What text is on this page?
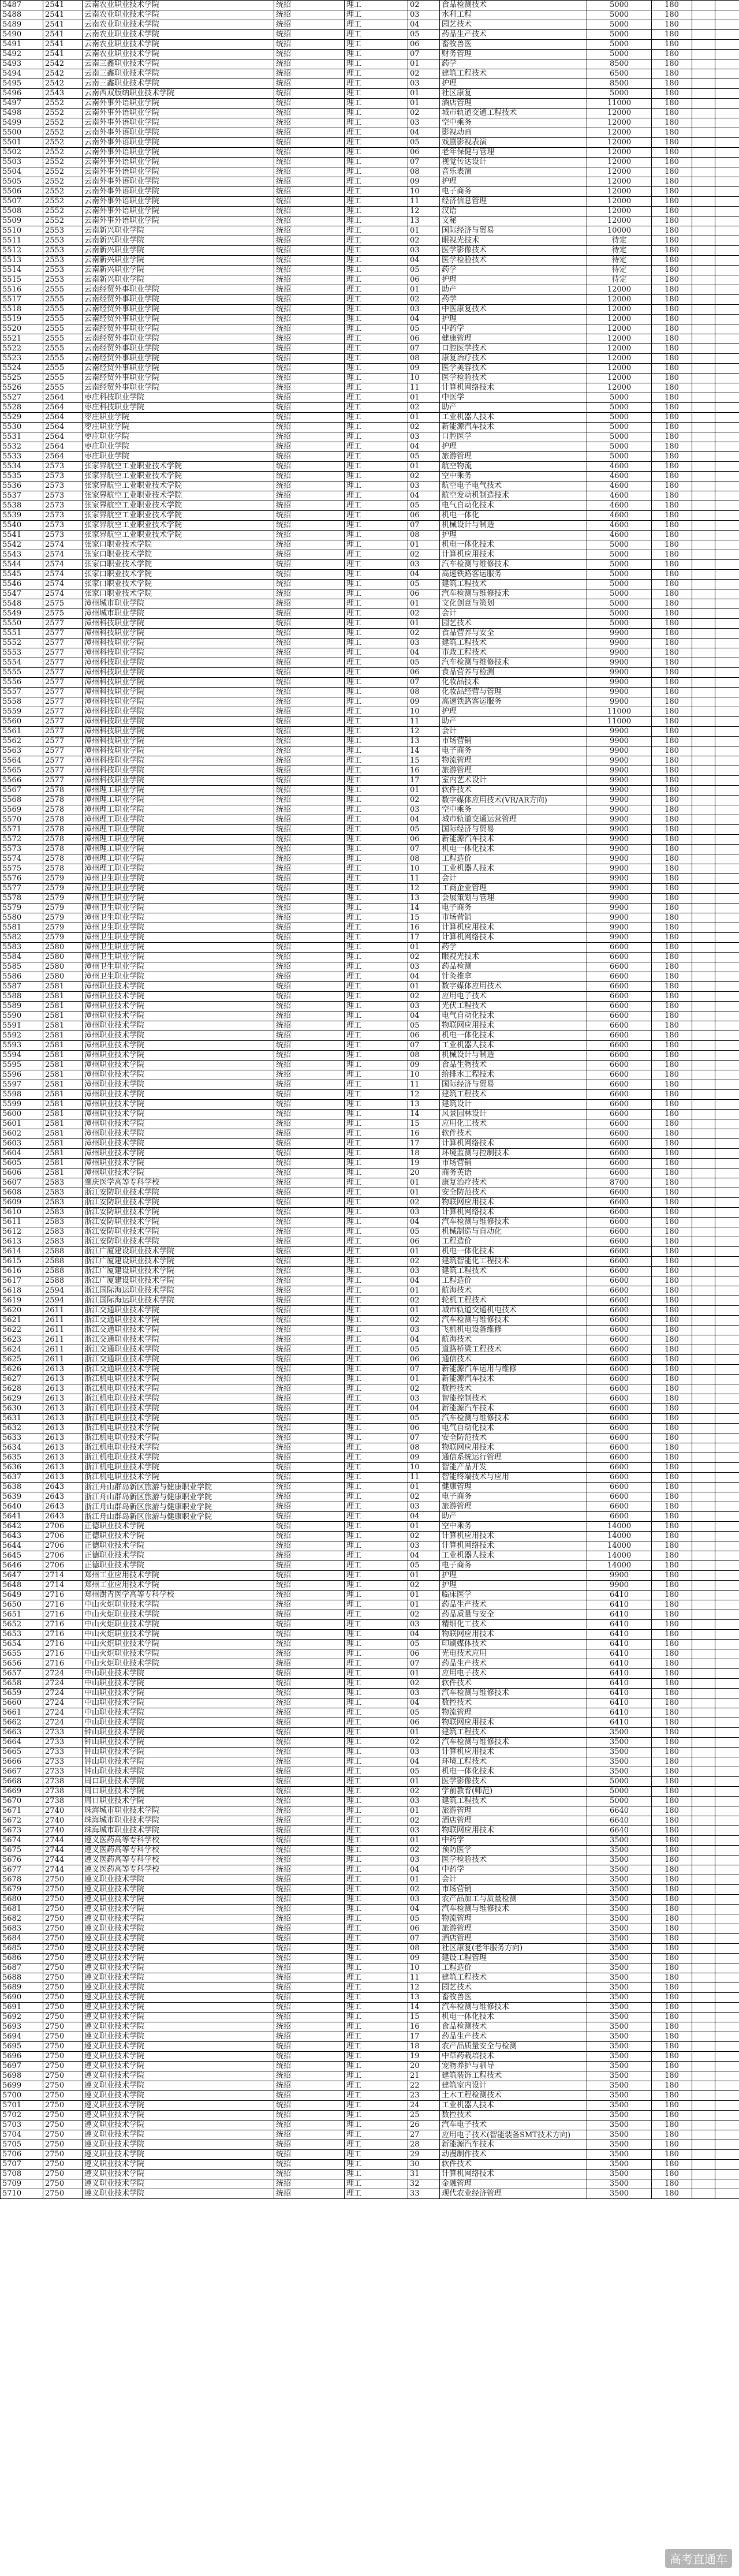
5487	2541	云南农业职业技术学院	统招	理工	02	食品检测技术	5000	180		
5488	2541	云南农业职业技术学院	统招	理工	03	水利工程	5000	180		
5489	2541	云南农业职业技术学院	统招	理工	04	园艺技术	5000	180		
5490	2541	云南农业职业技术学院	统招	理工	05	药品生产技术	5000	180		
5491	2541	云南农业职业技术学院	统招	理工	06	畜牧兽医	5000	180		
5492	2541	云南农业职业技术学院	统招	理工	07	财务管理	5000	180		
5493	2542	云南三鑫职业技术学院	统招	理工	01	药学	8500	180		
5494	2542	云南三鑫职业技术学院	统招	理工	02	建筑工程技术	6500	180		
5495	2542	云南三鑫职业技术学院	统招	理工	03	护理	8500	180		
5496	2543	云南西双版纳职业技术学院	统招	理工	01	社区康复	5000	180		
5497	2552	云南外事外语职业学院	统招	理工	01	酒店管理	11000	180		
5498	2552	云南外事外语职业学院	统招	理工	02	城市轨道交通工程技术	12000	180		
5499	2552	云南外事外语职业学院	统招	理工	03	空中乘务	12000	180		
5500	2552	云南外事外语职业学院	统招	理工	04	影视动画	12000	180		
5501	2552	云南外事外语职业学院	统招	理工	05	戏剧影视表演	12000	180		
5502	2552	云南外事外语职业学院	统招	理工	06	老年保健与管理	12000	180		
5503	2552	云南外事外语职业学院	统招	理工	07	视觉传达设计	12000	180		
5504	2552	云南外事外语职业学院	统招	理工	08	音乐表演	12000	180		
5505	2552	云南外事外语职业学院	统招	理工	09	护理	12000	180		
5506	2552	云南外事外语职业学院	统招	理工	10	电子商务	12000	180		
5507	2552	云南外事外语职业学院	统招	理工	11	经济信息管理	12000	180		
5508	2552	云南外事外语职业学院	统招	理工	12	汉语	12000	180		
5509	2552	云南外事外语职业学院	统招	理工	13	文秘	12000	180		
5510	2553	云南新兴职业学院	统招	理工	01	国际经济与贸易	10000	180		
5511	2553	云南新兴职业学院	统招	理工	02	眼视光技术	待定	180		
5512	2553	云南新兴职业学院	统招	理工	03	医学影像技术	待定	180		
5513	2553	云南新兴职业学院	统招	理工	04	医学检验技术	待定	180		
5514	2553	云南新兴职业学院	统招	理工	05	药学	待定	180		
5515	2553	云南新兴职业学院	统招	理工	06	护理	待定	180		
5516	2555	云南经贸外事职业学院	统招	理工	01	助产	12000	180		
5517	2555	云南经贸外事职业学院	统招	理工	02	药学	12000	180		
5518	2555	云南经贸外事职业学院	统招	理工	03	中医康复技术	12000	180		
5519	2555	云南经贸外事职业学院	统招	理工	04	护理	12000	180		
5520	2555	云南经贸外事职业学院	统招	理工	05	中药学	12000	180		
5521	2555	云南经贸外事职业学院	统招	理工	06	健康管理	12000	180		
5522	2555	云南经贸外事职业学院	统招	理工	07	口腔医学技术	12000	180		
5523	2555	云南经贸外事职业学院	统招	理工	08	康复治疗技术	12000	180		
5524	2555	云南经贸外事职业学院	统招	理工	09	医学美容技术	12000	180		
5525	2555	云南经贸外事职业学院	统招	理工	10	医学检验技术	12000	180		
5526	2555	云南经贸外事职业学院	统招	理工	11	计算机网络技术	12000	180		
5527	2564	枣庄科技职业学院	统招	理工	01	中医学	5000	180		
5528	2564	枣庄科技职业学院	统招	理工	02	助产	5000	180		
5529	2564	枣庄职业学院	统招	理工	01	工业机器人技术	5000	180		
5530	2564	枣庄职业学院	统招	理工	02	新能源汽车技术	5000	180		
5531	2564	枣庄职业学院	统招	理工	03	口腔医学	5000	180		
5532	2564	枣庄职业学院	统招	理工	04	护理	5000	180		
5533	2564	枣庄职业学院	统招	理工	05	旅游管理	5000	180		
5534	2573	张家界航空工业职业技术学院	统招	理工	01	航空物流	4600	180		
5535	2573	张家界航空工业职业技术学院	统招	理工	02	空中乘务	4600	180		
5536	2573	张家界航空工业职业技术学院	统招	理工	03	航空电子电气技术	4600	180		
5537	2573	张家界航空工业职业技术学院	统招	理工	04	航空发动机制造技术	4600	180		
5538	2573	张家界航空工业职业技术学院	统招	理工	05	电气自动化技术	4600	180		
5539	2573	张家界航空工业职业技术学院	统招	理工	06	机电一体化	4600	180		
5540	2573	张家界航空工业职业技术学院	统招	理工	07	机械设计与制造	4600	180		
5541	2573	张家界航空工业职业技术学院	统招	理工	08	护理	4600	180		
5542	2574	张家口职业技术学院	统招	理工	01	机电一体化技术	5000	180		
5543	2574	张家口职业技术学院	统招	理工	02	计算机应用技术	5000	180		
5544	2574	张家口职业技术学院	统招	理工	03	汽车检测与维修技术	5000	180		
5545	2574	张家口职业技术学院	统招	理工	04	高速铁路客运服务	5000	180		
5546	2574	张家口职业技术学院	统招	理工	05	建筑工程技术	5000	180		
5547	2574	张家口职业技术学院	统招	理工	06	汽车检测与维修技术	5000	180		
5548	2575	漳州城市职业学院	统招	理工	01	文化创意与策划	5000	180		
5549	2575	漳州城市职业学院	统招	理工	02	会计	5000	180		
5550	2577	漳州科技职业学院	统招	理工	01	园艺技术	5000	180		
5551	2577	漳州科技职业学院	统招	理工	02	食品营养与安全	9900	180		
5552	2577	漳州科技职业学院	统招	理工	03	建筑工程技术	9900	180		
5553	2577	漳州科技职业学院	统招	理工	04	市政工程技术	9900	180		
5554	2577	漳州科技职业学院	统招	理工	05	汽车检测与维修技术	9900	180		
5555	2577	漳州科技职业学院	统招	理工	06	食品营养与检测	9900	180		
5556	2577	漳州科技职业学院	统招	理工	07	化妆品技术	9900	180		
5557	2577	漳州科技职业学院	统招	理工	08	化妆品经营与管理	9900	180		
5558	2577	漳州科技职业学院	统招	理工	09	高速铁路客运服务	9900	180		
5559	2577	漳州科技职业学院	统招	理工	10	护理	11000	180		
5560	2577	漳州科技职业学院	统招	理工	11	助产	11000	180		
5561	2577	漳州科技职业学院	统招	理工	12	会计	9900	180		
5562	2577	漳州科技职业学院	统招	理工	13	市场营销	9900	180		
5563	2577	漳州科技职业学院	统招	理工	14	电子商务	9900	180		
5564	2577	漳州科技职业学院	统招	理工	15	物流管理	9900	180		
5565	2577	漳州科技职业学院	统招	理工	16	旅游管理	9900	180		
5566	2577	漳州科技职业学院	统招	理工	17	室内艺术设计	9900	180		
5567	2578	漳州理工职业学院	统招	理工	01	软件技术	9900	180		
5568	2578	漳州理工职业学院	统招	理工	02	数字媒体应用技术(VR/AR方向)	9900	180		
5569	2578	漳州理工职业学院	统招	理工	03	空中乘务	9900	180		
5570	2578	漳州理工职业学院	统招	理工	04	城市轨道交通运营管理	9900	180		
5571	2578	漳州理工职业学院	统招	理工	05	国际经济与贸易	9900	180		
5572	2578	漳州理工职业学院	统招	理工	06	新能源汽车技术	9900	180		
5573	2578	漳州理工职业学院	统招	理工	07	机电一体化技术	9900	180		
5574	2578	漳州理工职业学院	统招	理工	08	工程造价	9900	180		
5575	2578	漳州理工职业学院	统招	理工	10	工业机器人技术	9900	180		
5576	2579	漳州卫生职业学院	统招	理工	11	会计	9900	180		
5577	2579	漳州卫生职业学院	统招	理工	12	工商企业管理	9900	180		
5578	2579	漳州卫生职业学院	统招	理工	13	会展策划与管理	9900	180		
5579	2579	漳州卫生职业学院	统招	理工	14	电子商务	9900	180		
5580	2579	漳州卫生职业学院	统招	理工	15	市场营销	9900	180		
5581	2579	漳州卫生职业学院	统招	理工	16	计算机应用技术	9900	180		
5582	2579	漳州卫生职业学院	统招	理工	17	计算机网络技术	9900	180		
5583	2580	漳州卫生职业学院	统招	理工	01	药学	6600	180		
5584	2580	漳州卫生职业学院	统招	理工	02	眼视光技术	6600	180		
5585	2580	漳州卫生职业学院	统招	理工	03	药品检测	6600	180		
5586	2580	漳州卫生职业学院	统招	理工	04	针灸推拿	6600	180		
5587	2581	漳州职业技术学院	统招	理工	01	数字媒体应用技术	6600	180		
5588	2581	漳州职业技术学院	统招	理工	02	应用电子技术	6600	180		
5589	2581	漳州职业技术学院	统招	理工	03	光伏工程技术	6600	180		
5590	2581	漳州职业技术学院	统招	理工	04	电气自动化技术	6600	180		
5591	2581	漳州职业技术学院	统招	理工	05	物联网应用技术	6600	180		
5592	2581	漳州职业技术学院	统招	理工	06	机电一体化技术	6600	180		
5593	2581	漳州职业技术学院	统招	理工	07	工业机器人技术	6600	180		
5594	2581	漳州职业技术学院	统招	理工	08	机械设计与制造	6600	180		
5595	2581	漳州职业技术学院	统招	理工	09	食品生物技术	6600	180		
5596	2581	漳州职业技术学院	统招	理工	10	给排水工程技术	6600	180		
5597	2581	漳州职业技术学院	统招	理工	11	国际经济与贸易	6600	180		
5598	2581	漳州职业技术学院	统招	理工	12	建筑工程技术	6600	180		
5599	2581	漳州职业技术学院	统招	理工	13	建筑设计	6600	180		
5600	2581	漳州职业技术学院	统招	理工	14	风景园林设计	6600	180		
5601	2581	漳州职业技术学院	统招	理工	15	应用化工技术	6600	180		
5602	2581	漳州职业技术学院	统招	理工	16	软件技术	6600	180		
5603	2581	漳州职业技术学院	统招	理工	17	计算机网络技术	6600	180		
5604	2581	漳州职业技术学院	统招	理工	18	环境监测与控制技术	6600	180		
5605	2581	漳州职业技术学院	统招	理工	19	市场营销	6600	180		
5606	2581	漳州职业技术学院	统招	理工	20	商务英语	6600	180		
5607	2583	肇庆医学高等专科学校	统招	理工	01	康复治疗技术	8700	180		
5608	2583	浙江安防职业技术学院	统招	理工	01	安全防范技术	6600	180		
5609	2583	浙江安防职业技术学院	统招	理工	02	物联网应用技术	6600	180		
5610	2583	浙江安防职业技术学院	统招	理工	03	计算机网络技术	6600	180		
5611	2583	浙江安防职业技术学院	统招	理工	04	汽车检测与维修技术	6600	180		
5612	2583	浙江安防职业技术学院	统招	理工	05	机械制造与自动化	6600	180		
5613	2583	浙江安防职业技术学院	统招	理工	06	工程造价	6600	180		
5614	2588	浙江广厦建设职业技术学院	统招	理工	01	机电一体化技术	6600	180		
5615	2588	浙江广厦建设职业技术学院	统招	理工	02	建筑智能化工程技术	6600	180		
5616	2588	浙江广厦建设职业技术学院	统招	理工	03	建筑工程技术	6600	180		
5617	2588	浙江广厦建设职业技术学院	统招	理工	04	工程造价	6600	180		
5618	2594	浙江国际海运职业技术学院	统招	理工	01	航海技术	6600	180		
5619	2594	浙江国际海运职业技术学院	统招	理工	02	轮机工程技术	6600	180		
5620	2611	浙江交通职业技术学院	统招	理工	01	城市轨道交通机电技术	6600	180		
5621	2611	浙江交通职业技术学院	统招	理工	02	汽车检测与维修技术	6600	180		
5622	2611	浙江交通职业技术学院	统招	理工	03	飞机机电设备维修	6600	180		
5623	2611	浙江交通职业技术学院	统招	理工	04	航海技术	6600	180		
5624	2611	浙江交通职业技术学院	统招	理工	05	道路桥梁工程技术	6600	180		
5625	2611	浙江交通职业技术学院	统招	理工	06	通信技术	6600	180		
5626	2613	浙江交通职业技术学院	统招	理工	07	新能源汽车运用与维修	6600	180		
5627	2613	浙江机电职业技术学院	统招	理工	01	新能源汽车技术	6600	180		
5628	2613	浙江机电职业技术学院	统招	理工	02	数控技术	6600	180		
5629	2613	浙江机电职业技术学院	统招	理工	03	智能控制技术	6600	180		
5630	2613	浙江机电职业技术学院	统招	理工	04	新能源汽车技术	6600	180		
5631	2613	浙江机电职业技术学院	统招	理工	05	汽车检测与维修技术	6600	180		
5632	2613	浙江机电职业技术学院	统招	理工	06	电气自动化技术	6600	180		
5633	2613	浙江机电职业技术学院	统招	理工	07	安全防范技术	6600	180		
5634	2613	浙江机电职业技术学院	统招	理工	08	物联网应用技术	6600	180		
5635	2613	浙江机电职业技术学院	统招	理工	09	通信系统运行管理	6600	180		
5636	2613	浙江机电职业技术学院	统招	理工	10	智能产品开发	6600	180		
5637	2613	浙江机电职业技术学院	统招	理工	11	智能终端技术与应用	6600	180		
5638	2643	浙江舟山群岛新区旅游与健康职业学院	统招	理工	01	健康管理	6600	180		
5639	2643	浙江舟山群岛新区旅游与健康职业学院	统招	理工	02	电子商务	6600	180		
5640	2643	浙江舟山群岛新区旅游与健康职业学院	统招	理工	03	旅游管理	6600	180		
5641	2643	浙江舟山群岛新区旅游与健康职业学院	统招	理工	04	助产	6600	180		
5642	2706	正德职业技术学院	统招	理工	01	空中乘务	14000	180		
5643	2706	正德职业技术学院	统招	理工	02	计算机应用技术	14000	180		
5644	2706	正德职业技术学院	统招	理工	03	计算机网络技术	14000	180		
5645	2706	正德职业技术学院	统招	理工	04	工业机器人技术	14000	180		
5646	2706	正德职业技术学院	统招	理工	05	电子商务	14000	180		
5647	2714	郑州工业应用技术学院	统招	理工	01	护理	9900	180		
5648	2714	郑州工业应用技术学院	统招	理工	02	护理	9900	180		
5649	2716	郑州澍青医学高等专科学校	统招	理工	01	临床医学	6410	180		
5650	2716	中山火炬职业技术学院	统招	理工	01	药品生产技术	6410	180		
5651	2716	中山火炬职业技术学院	统招	理工	02	药品质量与安全	6410	180		
5652	2716	中山火炬职业技术学院	统招	理工	03	精细化工技术	6410	180		
5653	2716	中山火炬职业技术学院	统招	理工	04	物联网应用技术	6410	180		
5654	2716	中山火炬职业技术学院	统招	理工	05	印刷媒体技术	6410	180		
5655	2716	中山火炬职业技术学院	统招	理工	06	光电技术应用	6410	180		
5656	2716	中山火炬职业技术学院	统招	理工	07	药品生产技术	6410	180		
5657	2724	中山职业技术学院	统招	理工	01	应用电子技术	6410	180		
5658	2724	中山职业技术学院	统招	理工	02	软件技术	6410	180		
5659	2724	中山职业技术学院	统招	理工	03	汽车检测与维修技术	6410	180		
5660	2724	中山职业技术学院	统招	理工	04	数控技术	6410	180		
5661	2724	中山职业技术学院	统招	理工	05	物流管理	6410	180		
5662	2724	中山职业技术学院	统招	理工	06	物联网应用技术	6410	180		
5663	2733	钟山职业技术学院	统招	理工	01	建筑工程技术	3500	180		
5664	2733	钟山职业技术学院	统招	理工	02	汽车检测与维修技术	3500	180		
5665	2733	钟山职业技术学院	统招	理工	03	计算机应用技术	3500	180		
5666	2733	钟山职业技术学院	统招	理工	04	环境工程技术	3500	180		
5667	2733	钟山职业技术学院	统招	理工	05	机电一体化技术	3500	180		
5668	2738	周口职业技术学院	统招	理工	01	医学影像技术	5000	180		
5669	2738	周口职业技术学院	统招	理工	02	学前教育(师范)	5000	180		
5670	2738	周口职业技术学院	统招	理工	03	建筑工程技术	5000	180		
5671	2740	珠海城市职业技术学院	统招	理工	01	旅游管理	6640	180		
5672	2740	珠海城市职业技术学院	统招	理工	02	酒店管理	6640	180		
5673	2740	珠海城市职业技术学院	统招	理工	03	物联网应用技术	6640	180		
5674	2744	遵义医药高等专科学校	统招	理工	01	中药学	3500	180		
5675	2744	遵义医药高等专科学校	统招	理工	02	预防医学	3500	180		
5676	2744	遵义医药高等专科学校	统招	理工	03	医学检验技术	3500	180		
5677	2744	遵义医药高等专科学校	统招	理工	04	中药学	3500	180		
5678	2750	遵义职业技术学院	统招	理工	01	会计	3500	180		
5679	2750	遵义职业技术学院	统招	理工	02	市场营销	3500	180		
5680	2750	遵义职业技术学院	统招	理工	03	农产品加工与质量检测	3500	180		
5681	2750	遵义职业技术学院	统招	理工	04	汽车检测与维修技术	3500	180		
5682	2750	遵义职业技术学院	统招	理工	05	物流管理	3500	180		
5683	2750	遵义职业技术学院	统招	理工	06	旅游管理	3500	180		
5684	2750	遵义职业技术学院	统招	理工	07	酒店管理	3500	180		
5685	2750	遵义职业技术学院	统招	理工	08	社区康复(老年服务方向)	3500	180		
5686	2750	遵义职业技术学院	统招	理工	09	建设工程管理	3500	180		
5687	2750	遵义职业技术学院	统招	理工	10	工程造价	3500	180		
5688	2750	遵义职业技术学院	统招	理工	11	建筑工程技术	3500	180		
5689	2750	遵义职业技术学院	统招	理工	12	园艺技术	3500	180		
5690	2750	遵义职业技术学院	统招	理工	13	畜牧兽医	3500	180		
5691	2750	遵义职业技术学院	统招	理工	14	汽车检测与维修技术	3500	180		
5692	2750	遵义职业技术学院	统招	理工	15	机电一体化技术	3500	180		
5693	2750	遵义职业技术学院	统招	理工	16	食品检测技术	3500	180		
5694	2750	遵义职业技术学院	统招	理工	17	药品生产技术	3500	180		
5695	2750	遵义职业技术学院	统招	理工	18	农产品质量安全与检测	3500	180		
5696	2750	遵义职业技术学院	统招	理工	19	中草药栽培技术	3500	180		
5697	2750	遵义职业技术学院	统招	理工	20	宠物养护与驯导	3500	180		
5698	2750	遵义职业技术学院	统招	理工	21	建筑装饰工程技术	3500	180		
5699	2750	遵义职业技术学院	统招	理工	22	建筑室内设计	3500	180		
5700	2750	遵义职业技术学院	统招	理工	23	土木工程检测技术	3500	180		
5701	2750	遵义职业技术学院	统招	理工	24	工业机器人技术	3500	180		
5702	2750	遵义职业技术学院	统招	理工	25	数控技术	3500	180		
5703	2750	遵义职业技术学院	统招	理工	26	汽车电子技术	3500	180		
5704	2750	遵义职业技术学院	统招	理工	27	应用电子技术(智能装备SMT技术方向)	3500	180		
5705	2750	遵义职业技术学院	统招	理工	28	新能源汽车技术	3500	180		
5706	2750	遵义职业技术学院	统招	理工	29	动漫制作技术	3500	180		
5707	2750	遵义职业技术学院	统招	理工	30	软件技术	3500	180		
5708	2750	遵义职业技术学院	统招	理工	31	计算机网络技术	3500	180		
5709	2750	遵义职业技术学院	统招	理工	32	金融管理	3500	180		
5710	2750	遵义职业技术学院	统招	理工	33	现代农业经济管理	3500	180		
高考直通车
